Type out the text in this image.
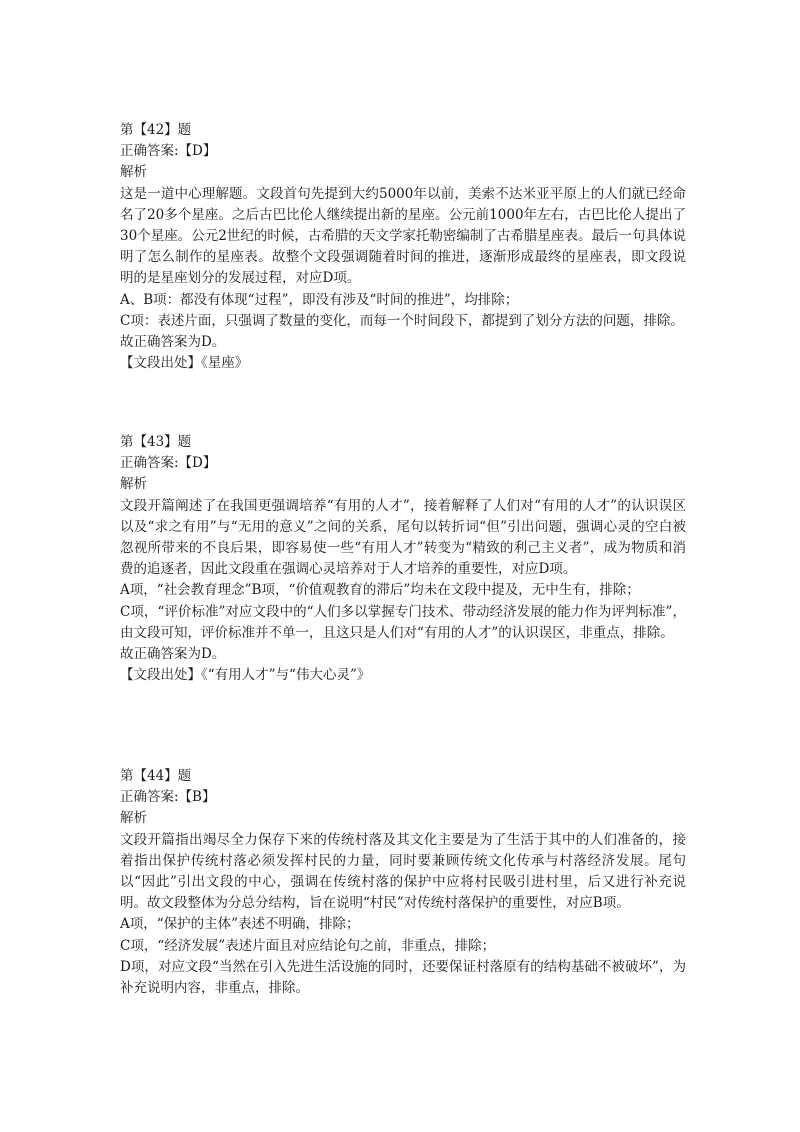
第【42】题

正确答案:【D】

解析

这是一道中心理解题。文段首句先提到大约5000年以前，美索不达米亚平原上的人们就已经命名了20多个星座。之后古巴比伦人继续提出新的星座。公元前1000年左右，古巴比伦人提出了30个星座。公元2世纪的时候，古希腊的天文学家托勒密编制了古希腊星座表。最后一句具体说明了怎么制作的星座表。故整个文段强调随着时间的推进，逐渐形成最终的星座表，即文段说明的是星座划分的发展过程，对应D项。

A、B项：都没有体现“过程”，即没有涉及“时间的推进”，均排除；

C项：表述片面，只强调了数量的变化，而每一个时间段下，都提到了划分方法的问题，排除。

故正确答案为D。

【文段出处】《星座》

第【43】题

正确答案:【D】

解析

文段开篇阐述了在我国更强调培养“有用的人才”，接着解释了人们对“有用的人才”的认识误区以及“求之有用”与“无用的意义”之间的关系，尾句以转折词“但”引出问题，强调心灵的空白被忽视所带来的不良后果，即容易使一些“有用人才”转变为“精致的利己主义者”，成为物质和消费的追逐者，因此文段重在强调心灵培养对于人才培养的重要性，对应D项。

A项，“社会教育理念”B项，“价值观教育的滞后”均未在文段中提及，无中生有，排除；

C项，“评价标准”对应文段中的“人们多以掌握专门技术、带动经济发展的能力作为评判标准”，由文段可知，评价标准并不单一，且这只是人们对“有用的人才”的认识误区，非重点，排除。

故正确答案为D。

【文段出处】《“有用人才”与“伟大心灵”》

第【44】题

正确答案:【B】

解析

文段开篇指出竭尽全力保存下来的传统村落及其文化主要是为了生活于其中的人们准备的，接着指出保护传统村落必须发挥村民的力量，同时要兼顾传统文化传承与村落经济发展。尾句以“因此”引出文段的中心，强调在传统村落的保护中应将村民吸引进村里，后又进行补充说明。故文段整体为分总分结构，旨在说明“村民”对传统村落保护的重要性，对应B项。

A项，“保护的主体”表述不明确，排除；

C项，“经济发展”表述片面且对应结论句之前，非重点，排除；

D项，对应文段“当然在引入先进生活设施的同时，还要保证村落原有的结构基础不被破坏”，为补充说明内容，非重点，排除。
